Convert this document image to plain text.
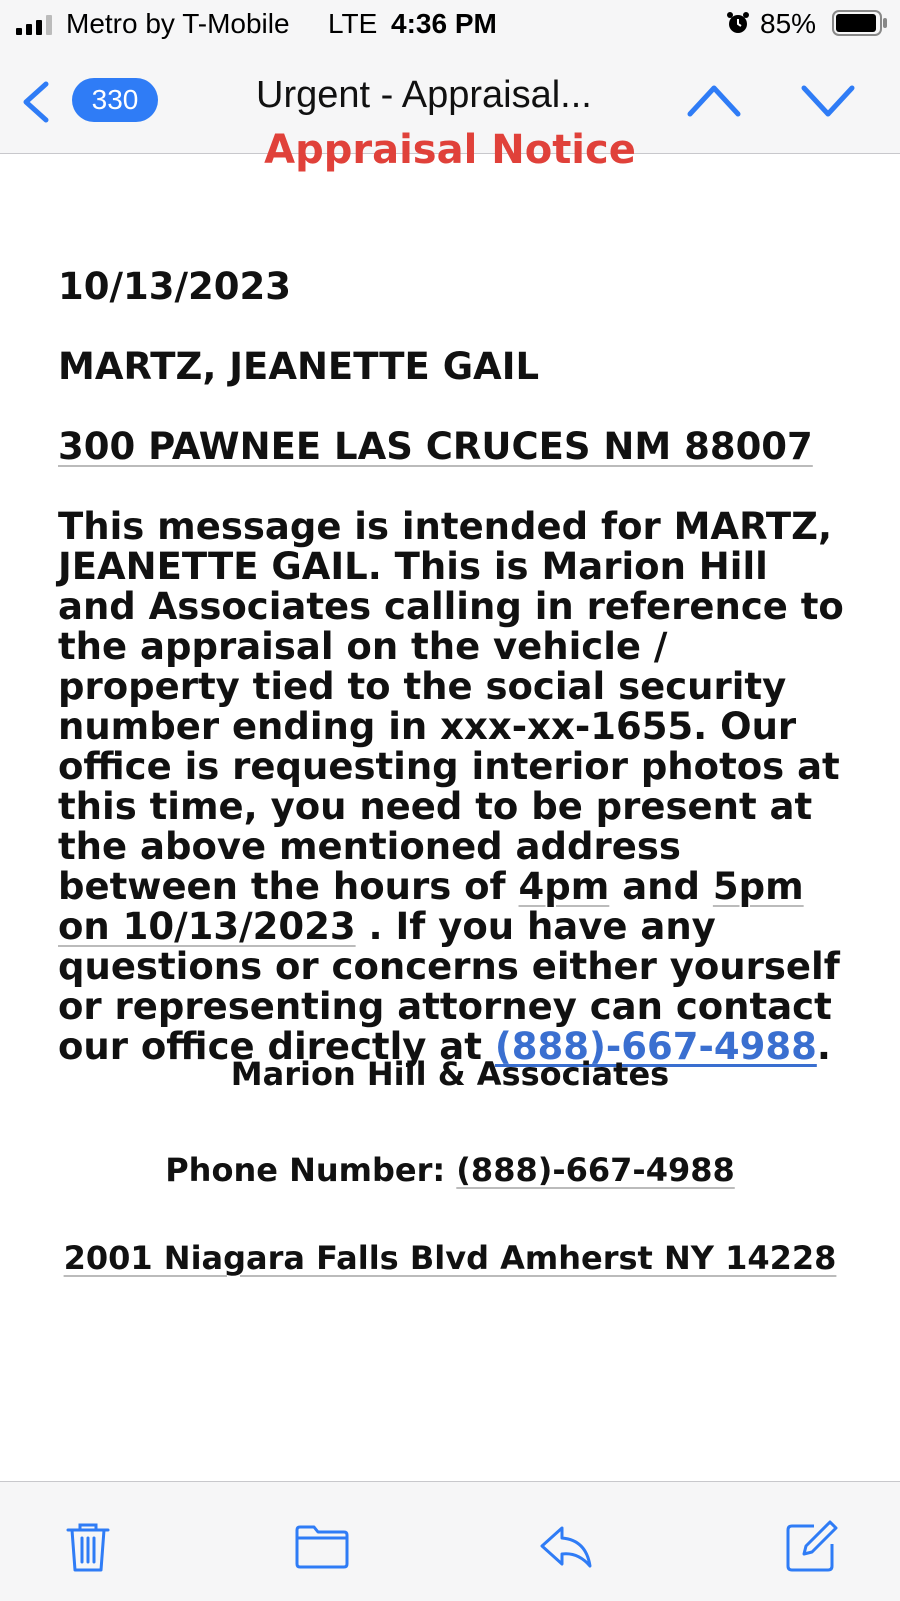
Metro by T-Mobile LTE 4:36 PM	85%
330	Urgent - Appraisal...
Appraisal Notice
10/13/2023
MARTZ, JEANETTE GAIL
300 PAWNEE LAS CRUCES NM 88007
This message is intended for MARTZ, JEANETTE GAIL. This is Marion Hill and Associates calling in reference to the appraisal on the vehicle / property tied to the social security number ending in xxx-xx-1655. Our office is requesting interior photos at this time, you need to be present at the above mentioned address between the hours of 4pm and 5pm on 10/13/2023 . If you have any questions or concerns either yourself or representing attorney can contact our office directly at (888)-667-4988.
Marion Hill & Associates
Phone Number: (888)-667-4988
2001 Niagara Falls Blvd Amherst NY 14228
